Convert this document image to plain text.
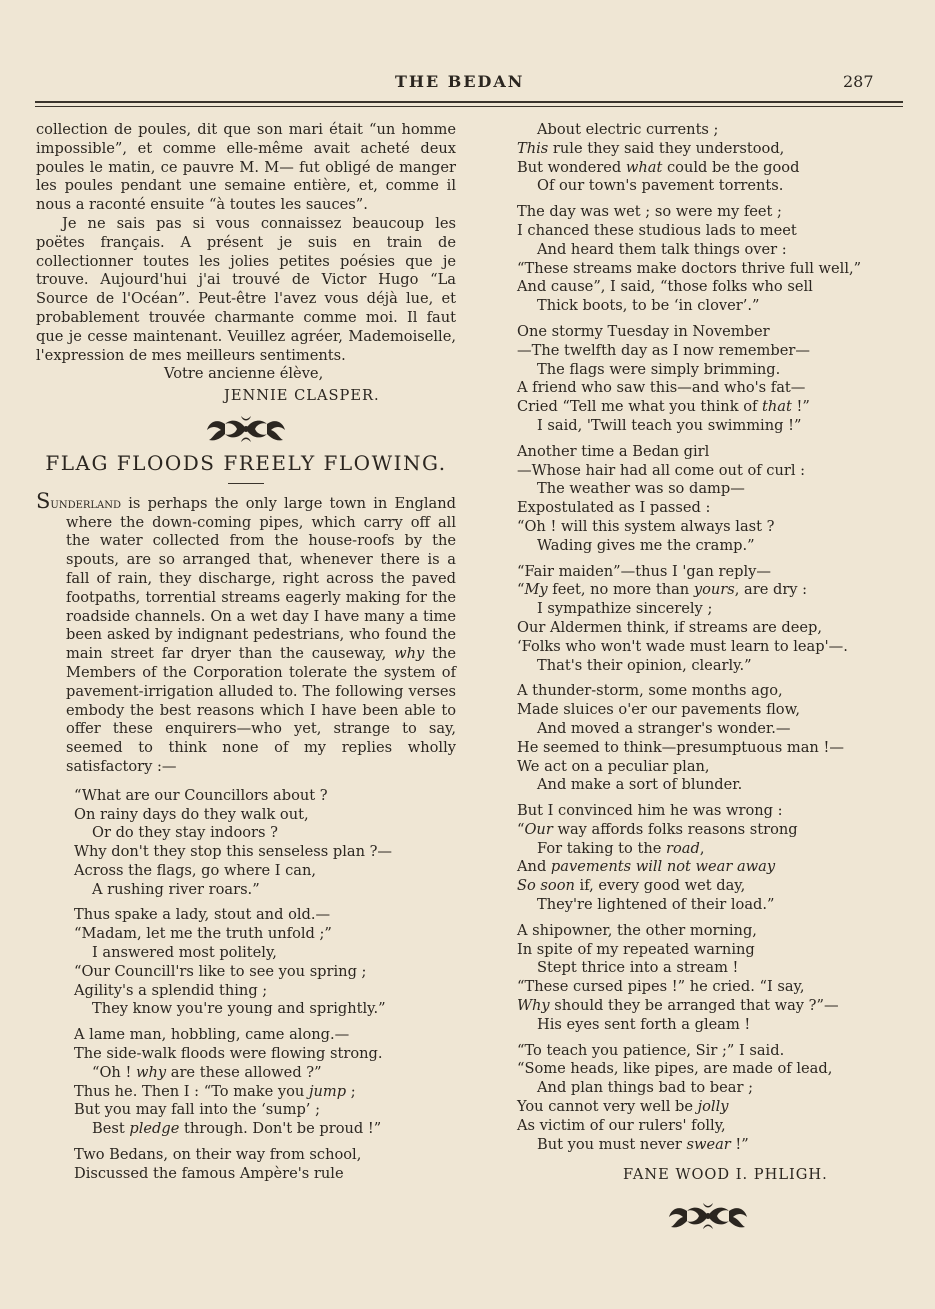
THE BEDAN	287

collection de poules, dit que son mari était “un homme impossible”, et comme elle-même avait acheté deux poules le matin, ce pauvre M. M— fut obligé de manger les poules pendant une semaine entière, et, comme il nous a raconté ensuite “à toutes les sauces”.

Je ne sais pas si vous connaissez beaucoup les poëtes français. A présent je suis en train de collectionner toutes les jolies petites poésies que je trouve. Aujourd'hui j'ai trouvé de Victor Hugo “La Source de l'Océan”. Peut-être l'avez vous déjà lue, et probablement trouvée charmante comme moi. Il faut que je cesse maintenant. Veuillez agréer, Mademoiselle, l'expression de mes meilleurs sentiments.

Votre ancienne élève,

JENNIE CLASPER.

FLAG FLOODS FREELY FLOWING.

Sunderland is perhaps the only large town in England where the down-coming pipes, which carry off all the water collected from the house-roofs by the spouts, are so arranged that, whenever there is a fall of rain, they discharge, right across the paved footpaths, torrential streams eagerly making for the roadside channels. On a wet day I have many a time been asked by indignant pedestrians, who found the main street far dryer than the causeway, why the Members of the Corporation tolerate the system of pavement-irrigation alluded to. The following verses embody the best reasons which I have been able to offer these enquirers—who yet, strange to say, seemed to think none of my replies wholly satisfactory :—

“What are our Councillors about ?

On rainy days do they walk out,

Or do they stay indoors ?

Why don't they stop this senseless plan ?—

Across the flags, go where I can,

A rushing river roars.”

Thus spake a lady, stout and old.—

“Madam, let me the truth unfold ;”

I answered most politely,

“Our Councill'rs like to see you spring ;

Agility's a splendid thing ;

They know you're young and sprightly.”

A lame man, hobbling, came along.—

The side-walk floods were flowing strong.

“Oh ! why are these allowed ?”

Thus he. Then I : “To make you jump ;

But you may fall into the ‘sump’ ;

Best pledge through. Don't be proud !”

Two Bedans, on their way from school,

Discussed the famous Ampère's rule

About electric currents ;

This rule they said they understood,

But wondered what could be the good

Of our town's pavement torrents.

The day was wet ; so were my feet ;

I chanced these studious lads to meet

And heard them talk things over :

“These streams make doctors thrive full well,”

And cause”, I said, “those folks who sell

Thick boots, to be ‘in clover’.”

One stormy Tuesday in November

—The twelfth day as I now remember—

The flags were simply brimming.

A friend who saw this—and who's fat—

Cried “Tell me what you think of that !”

I said, 'Twill teach you swimming !”

Another time a Bedan girl

—Whose hair had all come out of curl :

The weather was so damp—

Expostulated as I passed :

“Oh ! will this system always last ?

Wading gives me the cramp.”

“Fair maiden”—thus I 'gan reply—

“My feet, no more than yours, are dry :

I sympathize sincerely ;

Our Aldermen think, if streams are deep,

‘Folks who won't wade must learn to leap'—.

That's their opinion, clearly.”

A thunder-storm, some months ago,

Made sluices o'er our pavements flow,

And moved a stranger's wonder.—

He seemed to think—presumptuous man !—

We act on a peculiar plan,

And make a sort of blunder.

But I convinced him he was wrong :

“Our way affords folks reasons strong

For taking to the road,

And pavements will not wear away

So soon if, every good wet day,

They're lightened of their load.”

A shipowner, the other morning,

In spite of my repeated warning

Stept thrice into a stream !

“These cursed pipes !” he cried. “I say,

Why should they be arranged that way ?”—

His eyes sent forth a gleam !

“To teach you patience, Sir ;” I said.

“Some heads, like pipes, are made of lead,

And plan things bad to bear ;

You cannot very well be jolly

As victim of our rulers' folly,

But you must never swear !”

FANE WOOD I. PHLIGH.
